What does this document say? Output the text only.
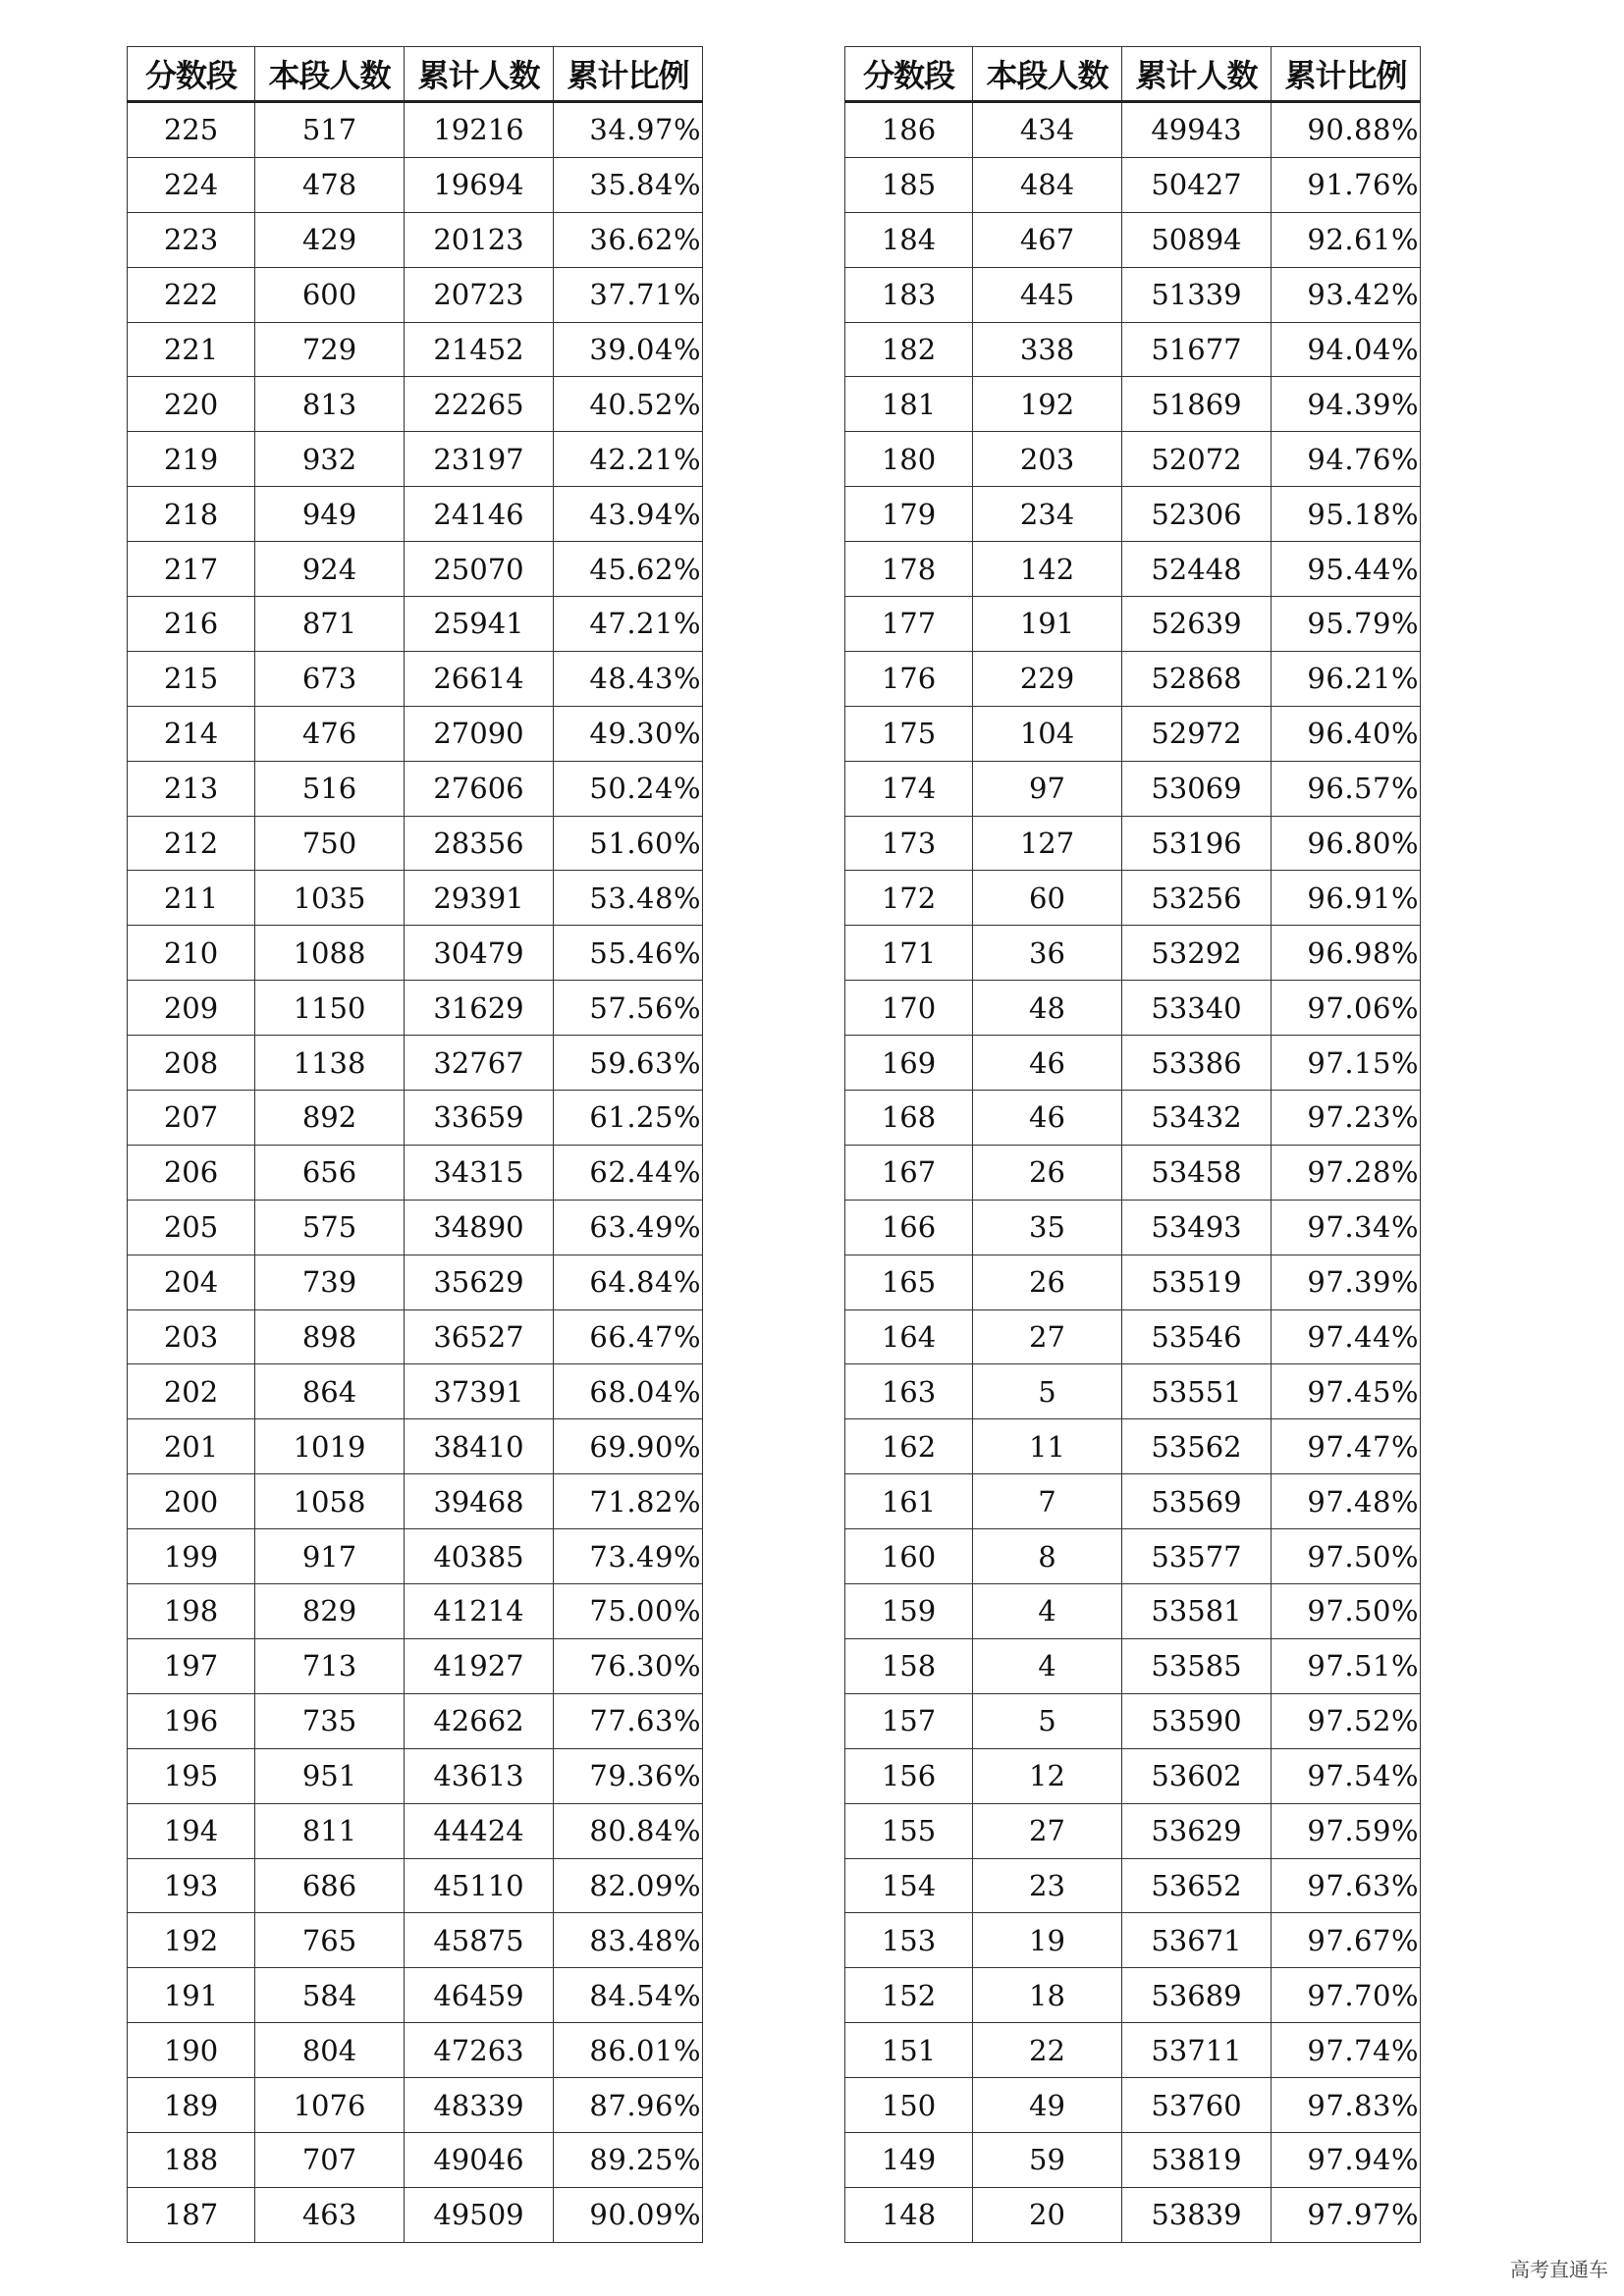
分数段	本段人数	累计人数	累计比例
225	517	19216	34.97%
224	478	19694	35.84%
223	429	20123	36.62%
222	600	20723	37.71%
221	729	21452	39.04%
220	813	22265	40.52%
219	932	23197	42.21%
218	949	24146	43.94%
217	924	25070	45.62%
216	871	25941	47.21%
215	673	26614	48.43%
214	476	27090	49.30%
213	516	27606	50.24%
212	750	28356	51.60%
211	1035	29391	53.48%
210	1088	30479	55.46%
209	1150	31629	57.56%
208	1138	32767	59.63%
207	892	33659	61.25%
206	656	34315	62.44%
205	575	34890	63.49%
204	739	35629	64.84%
203	898	36527	66.47%
202	864	37391	68.04%
201	1019	38410	69.90%
200	1058	39468	71.82%
199	917	40385	73.49%
198	829	41214	75.00%
197	713	41927	76.30%
196	735	42662	77.63%
195	951	43613	79.36%
194	811	44424	80.84%
193	686	45110	82.09%
192	765	45875	83.48%
191	584	46459	84.54%
190	804	47263	86.01%
189	1076	48339	87.96%
188	707	49046	89.25%
187	463	49509	90.09%
分数段	本段人数	累计人数	累计比例
186	434	49943	90.88%
185	484	50427	91.76%
184	467	50894	92.61%
183	445	51339	93.42%
182	338	51677	94.04%
181	192	51869	94.39%
180	203	52072	94.76%
179	234	52306	95.18%
178	142	52448	95.44%
177	191	52639	95.79%
176	229	52868	96.21%
175	104	52972	96.40%
174	97	53069	96.57%
173	127	53196	96.80%
172	60	53256	96.91%
171	36	53292	96.98%
170	48	53340	97.06%
169	46	53386	97.15%
168	46	53432	97.23%
167	26	53458	97.28%
166	35	53493	97.34%
165	26	53519	97.39%
164	27	53546	97.44%
163	5	53551	97.45%
162	11	53562	97.47%
161	7	53569	97.48%
160	8	53577	97.50%
159	4	53581	97.50%
158	4	53585	97.51%
157	5	53590	97.52%
156	12	53602	97.54%
155	27	53629	97.59%
154	23	53652	97.63%
153	19	53671	97.67%
152	18	53689	97.70%
151	22	53711	97.74%
150	49	53760	97.83%
149	59	53819	97.94%
148	20	53839	97.97%
高考直通车
